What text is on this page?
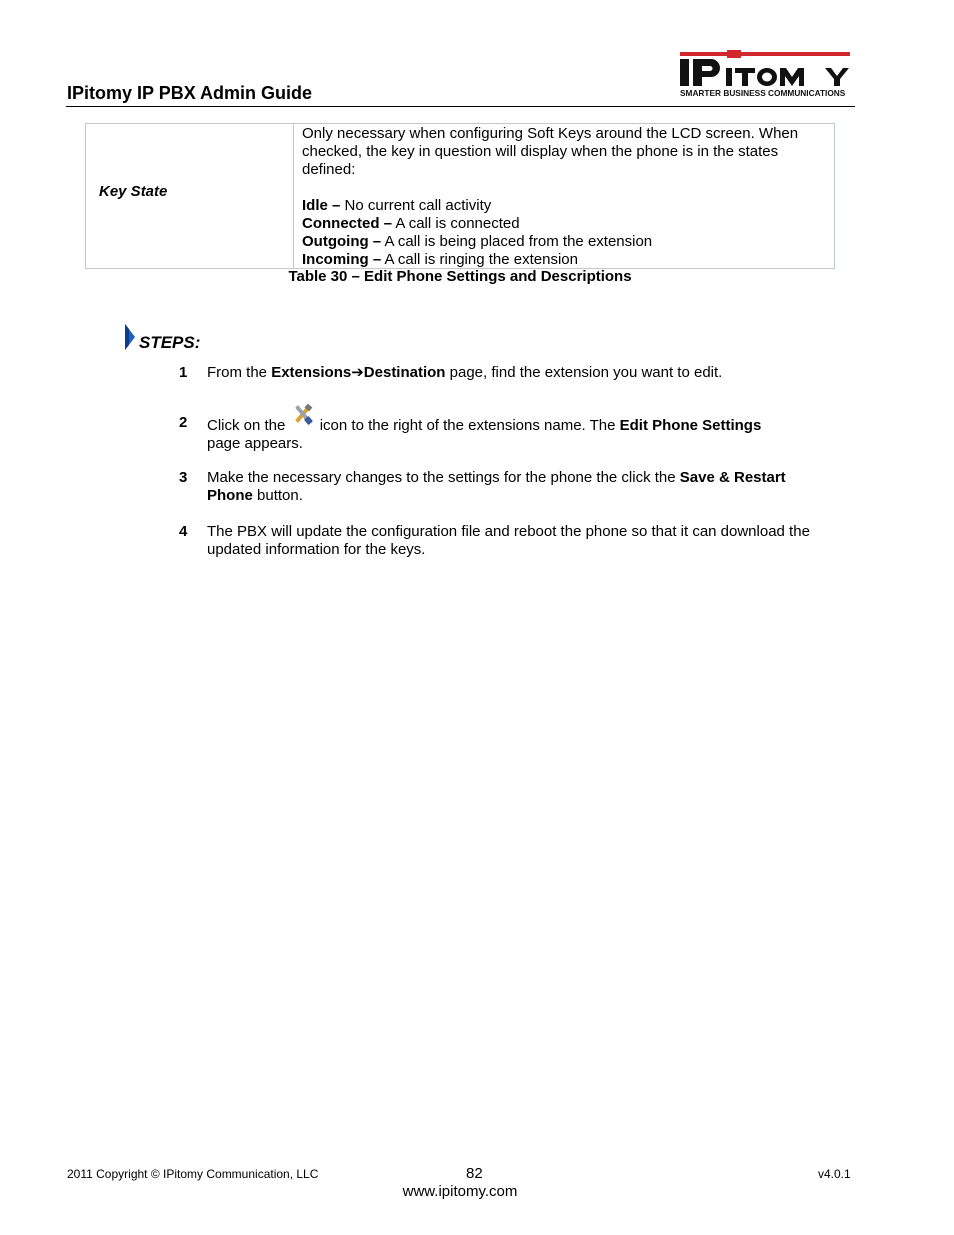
IPitomy IP PBX Admin Guide	SMARTER BUSINESS COMMUNICATIONS
Key State

Only necessary when configuring Soft Keys around the LCD screen. When checked, the key in question will display when the phone is in the states defined:

Idle – No current call activity

Connected – A call is connected

Outgoing – A call is being placed from the extension

Incoming – A call is ringing the extension

Table 30 – Edit Phone Settings and Descriptions
STEPS:
1 From the Extensions➔Destination page, find the extension you want to edit.
2 Click on the
icon to the right of the extensions name. The Edit Phone Settings
page appears.
3 Make the necessary changes to the settings for the phone the click the Save & Restart Phone button.
4 The PBX will update the configuration file and reboot the phone so that it can download the updated information for the keys.
2011 Copyright © IPitomy Communication, LLC	82
www.ipitomy.com
v4.0.1
